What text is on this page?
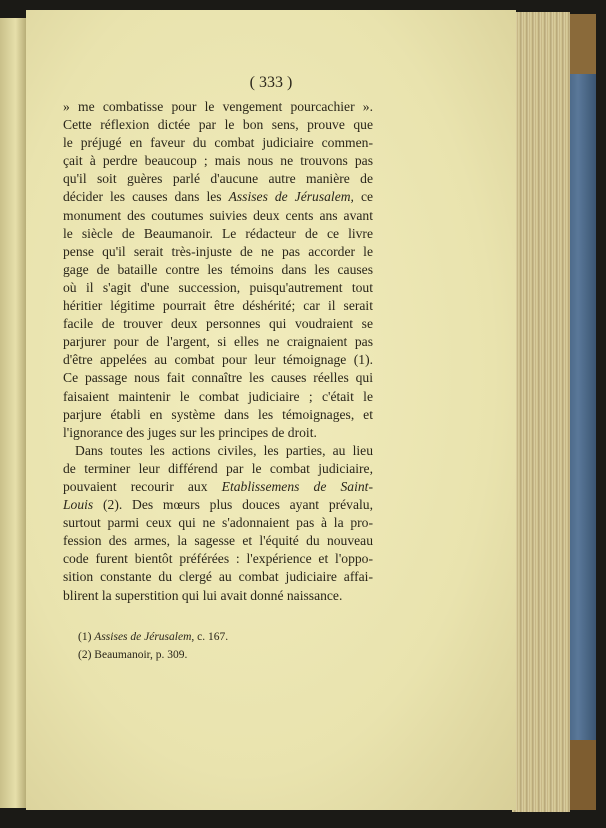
( 333 )
» me combatisse pour le vengement pourcachier ».
Cette réflexion dictée par le bon sens, prouve que
le préjugé en faveur du combat judiciaire commen-
çait à perdre beaucoup ; mais nous ne trouvons pas
qu'il soit guères parlé d'aucune autre manière de
décider les causes dans les Assises de Jérusalem, ce
monument des coutumes suivies deux cents ans avant
le siècle de Beaumanoir. Le rédacteur de ce livre
pense qu'il serait très-injuste de ne pas accorder le
gage de bataille contre les témoins dans les causes
où il s'agit d'une succession, puisqu'autrement tout
héritier légitime pourrait être déshérité; car il serait
facile de trouver deux personnes qui voudraient se
parjurer pour de l'argent, si elles ne craignaient pas
d'être appelées au combat pour leur témoignage (1).
Ce passage nous fait connaître les causes réelles qui
faisaient maintenir le combat judiciaire ; c'était le
parjure établi en système dans les témoignages, et
l'ignorance des juges sur les principes de droit.
Dans toutes les actions civiles, les parties, au lieu
de terminer leur différend par le combat judiciaire,
pouvaient recourir aux Etablissemens de Saint-
Louis (2). Des mœurs plus douces ayant prévalu,
surtout parmi ceux qui ne s'adonnaient pas à la pro-
fession des armes, la sagesse et l'équité du nouveau
code furent bientôt préférées : l'expérience et l'oppo-
sition constante du clergé au combat judiciaire affai-
blirent la superstition qui lui avait donné naissance.
(1) Assises de Jérusalem, c. 167.
(2) Beaumanoir, p. 309.
